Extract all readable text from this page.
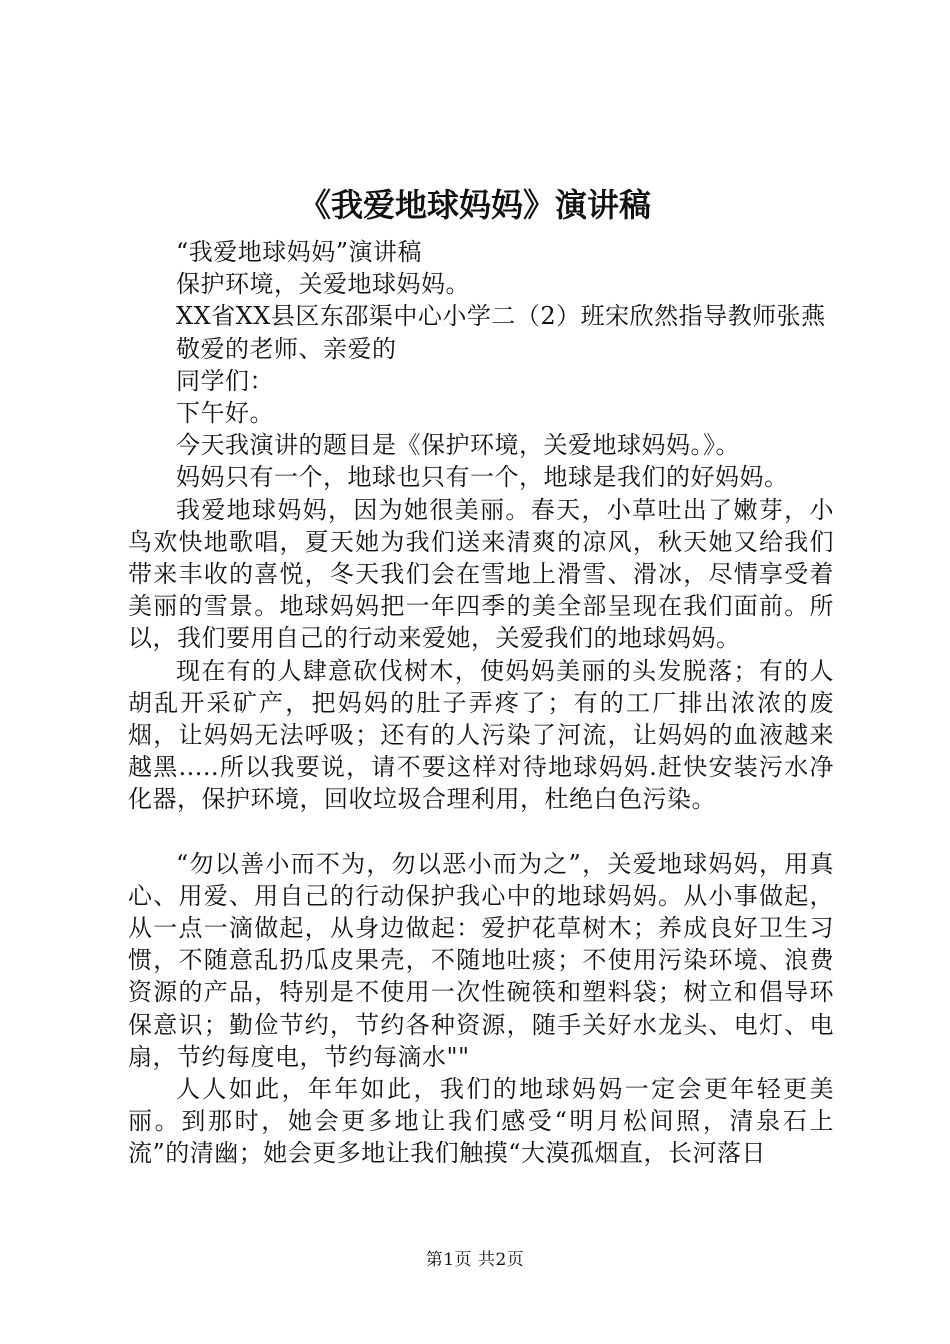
《我爱地球妈妈》演讲稿

“我爱地球妈妈”演讲稿

保护环境，关爱地球妈妈。

XX省XX县区东邵渠中心小学二（2）班宋欣然指导教师张燕

敬爱的老师、亲爱的

同学们：

下午好。

今天我演讲的题目是《保护环境，关爱地球妈妈。》。

妈妈只有一个，地球也只有一个，地球是我们的好妈妈。

我爱地球妈妈，因为她很美丽。春天，小草吐出了嫩芽，小鸟欢快地歌唱，夏天她为我们送来清爽的凉风，秋天她又给我们带来丰收的喜悦，冬天我们会在雪地上滑雪、滑冰，尽情享受着美丽的雪景。地球妈妈把一年四季的美全部呈现在我们面前。所以，我们要用自己的行动来爱她，关爱我们的地球妈妈。

现在有的人肆意砍伐树木，使妈妈美丽的头发脱落；有的人胡乱开采矿产，把妈妈的肚子弄疼了；有的工厂排出浓浓的废烟，让妈妈无法呼吸；还有的人污染了河流，让妈妈的血液越来越黑.....所以我要说，请不要这样对待地球妈妈.赶快安装污水净化器，保护环境，回收垃圾合理利用，杜绝白色污染。

“勿以善小而不为，勿以恶小而为之”，关爱地球妈妈，用真心、用爱、用自己的行动保护我心中的地球妈妈。从小事做起，从一点一滴做起，从身边做起：爱护花草树木；养成良好卫生习惯，不随意乱扔瓜皮果壳，不随地吐痰；不使用污染环境、浪费资源的产品，特别是不使用一次性碗筷和塑料袋；树立和倡导环保意识；勤俭节约，节约各种资源，随手关好水龙头、电灯、电扇，节约每度电，节约每滴水""

人人如此，年年如此，我们的地球妈妈一定会更年轻更美丽。到那时，她会更多地让我们感受“明月松间照，清泉石上流”的清幽；她会更多地让我们触摸“大漠孤烟直，长河落日

第1页 共2页
